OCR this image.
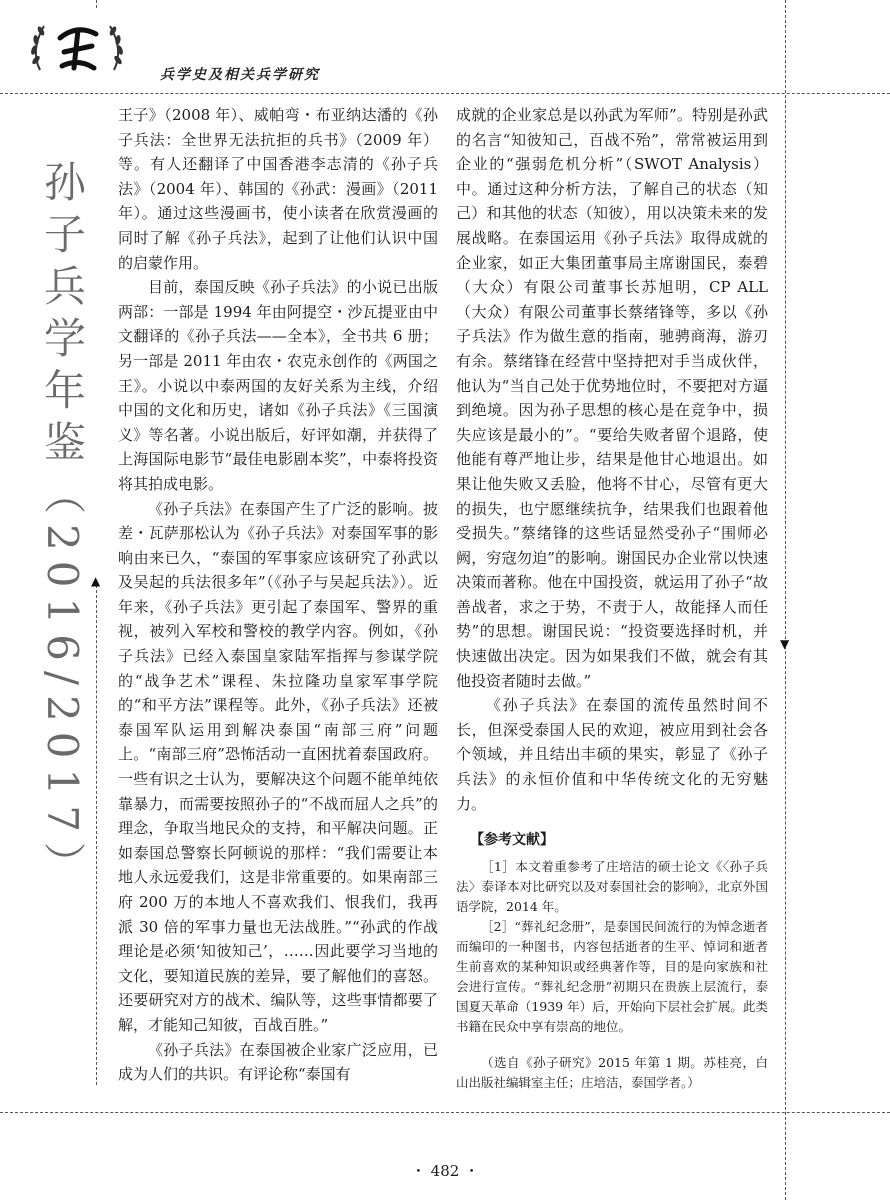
兵学史及相关兵学研究
孙子兵学年鉴（2016/2017） ▲
▼

王子》（2008 年）、威帕弯・布亚纳达潘的《孙子兵法：全世界无法抗拒的兵书》（2009 年）等。有人还翻译了中国香港李志清的《孙子兵法》（2004 年）、韩国的《孙武：漫画》（2011 年）。通过这些漫画书，使小读者在欣赏漫画的同时了解《孙子兵法》，起到了让他们认识中国的启蒙作用。

目前，泰国反映《孙子兵法》的小说已出版两部：一部是 1994 年由阿提空・沙瓦提亚由中文翻译的《孙子兵法——全本》，全书共 6 册；另一部是 2011 年由农・农克永创作的《两国之王》。小说以中泰两国的友好关系为主线，介绍中国的文化和历史，诸如《孙子兵法》《三国演义》等名著。小说出版后，好评如潮，并获得了上海国际电影节“最佳电影剧本奖”，中泰将投资将其拍成电影。

《孙子兵法》在泰国产生了广泛的影响。披差・瓦萨那松认为《孙子兵法》对泰国军事的影响由来已久，“泰国的军事家应该研究了孙武以及吴起的兵法很多年”（《孙子与吴起兵法》）。近年来，《孙子兵法》更引起了泰国军、警界的重视，被列入军校和警校的教学内容。例如，《孙子兵法》已经入泰国皇家陆军指挥与参谋学院的“战争艺术”课程、朱拉隆功皇家军事学院的“和平方法”课程等。此外，《孙子兵法》还被泰国军队运用到解决泰国“南部三府”问题上。“南部三府”恐怖活动一直困扰着泰国政府。一些有识之士认为，要解决这个问题不能单纯依靠暴力，而需要按照孙子的“不战而屈人之兵”的理念，争取当地民众的支持，和平解决问题。正如泰国总警察长阿顿说的那样：“我们需要让本地人永远爱我们，这是非常重要的。如果南部三府 200 万的本地人不喜欢我们、恨我们，我再派 30 倍的军事力量也无法战胜。”“孙武的作战理论是必须‘知彼知己’，……因此要学习当地的文化，要知道民族的差异，要了解他们的喜怒。还要研究对方的战术、编队等，这些事情都要了解，才能知己知彼，百战百胜。”

《孙子兵法》在泰国被企业家广泛应用，已成为人们的共识。有评论称“泰国有

成就的企业家总是以孙武为军师”。特别是孙武的名言“知彼知己，百战不殆”，常常被运用到企业的“强弱危机分析”（SWOT Analysis）中。通过这种分析方法，了解自己的状态（知己）和其他的状态（知彼），用以决策未来的发展战略。在泰国运用《孙子兵法》取得成就的企业家，如正大集团董事局主席谢国民，泰碧（大众）有限公司董事长苏旭明，CP ALL（大众）有限公司董事长蔡绪锋等，多以《孙子兵法》作为做生意的指南，驰骋商海，游刃有余。蔡绪锋在经营中坚持把对手当成伙伴，他认为“当自己处于优势地位时，不要把对方逼到绝境。因为孙子思想的核心是在竞争中，损失应该是最小的”。“要给失败者留个退路，使他能有尊严地让步，结果是他甘心地退出。如果让他失败又丢脸，他将不甘心，尽管有更大的损失，也宁愿继续抗争，结果我们也跟着他受损失。”蔡绪锋的这些话显然受孙子“围师必阙，穷寇勿迫”的影响。谢国民办企业常以快速决策而著称。他在中国投资，就运用了孙子“故善战者，求之于势，不责于人，故能择人而任势”的思想。谢国民说：“投资要选择时机，并快速做出决定。因为如果我们不做，就会有其他投资者随时去做。”

《孙子兵法》在泰国的流传虽然时间不长，但深受泰国人民的欢迎，被应用到社会各个领域，并且结出丰硕的果实，彰显了《孙子兵法》的永恒价值和中华传统文化的无穷魅力。

【参考文献】

［1］本文着重参考了庄培洁的硕士论文《〈孙子兵法〉泰译本对比研究以及对泰国社会的影响》，北京外国语学院，2014 年。

［2］“葬礼纪念册”，是泰国民间流行的为悼念逝者而编印的一种图书，内容包括逝者的生平、悼词和逝者生前喜欢的某种知识或经典著作等，目的是向家族和社会进行宣传。“葬礼纪念册”初期只在贵族上层流行，泰国夏天革命（1939 年）后，开始向下层社会扩展。此类书籍在民众中享有崇高的地位。

（选自《孙子研究》2015 年第 1 期。苏桂亮，白山出版社编辑室主任；庄培洁，泰国学者。）

・ 482 ・
